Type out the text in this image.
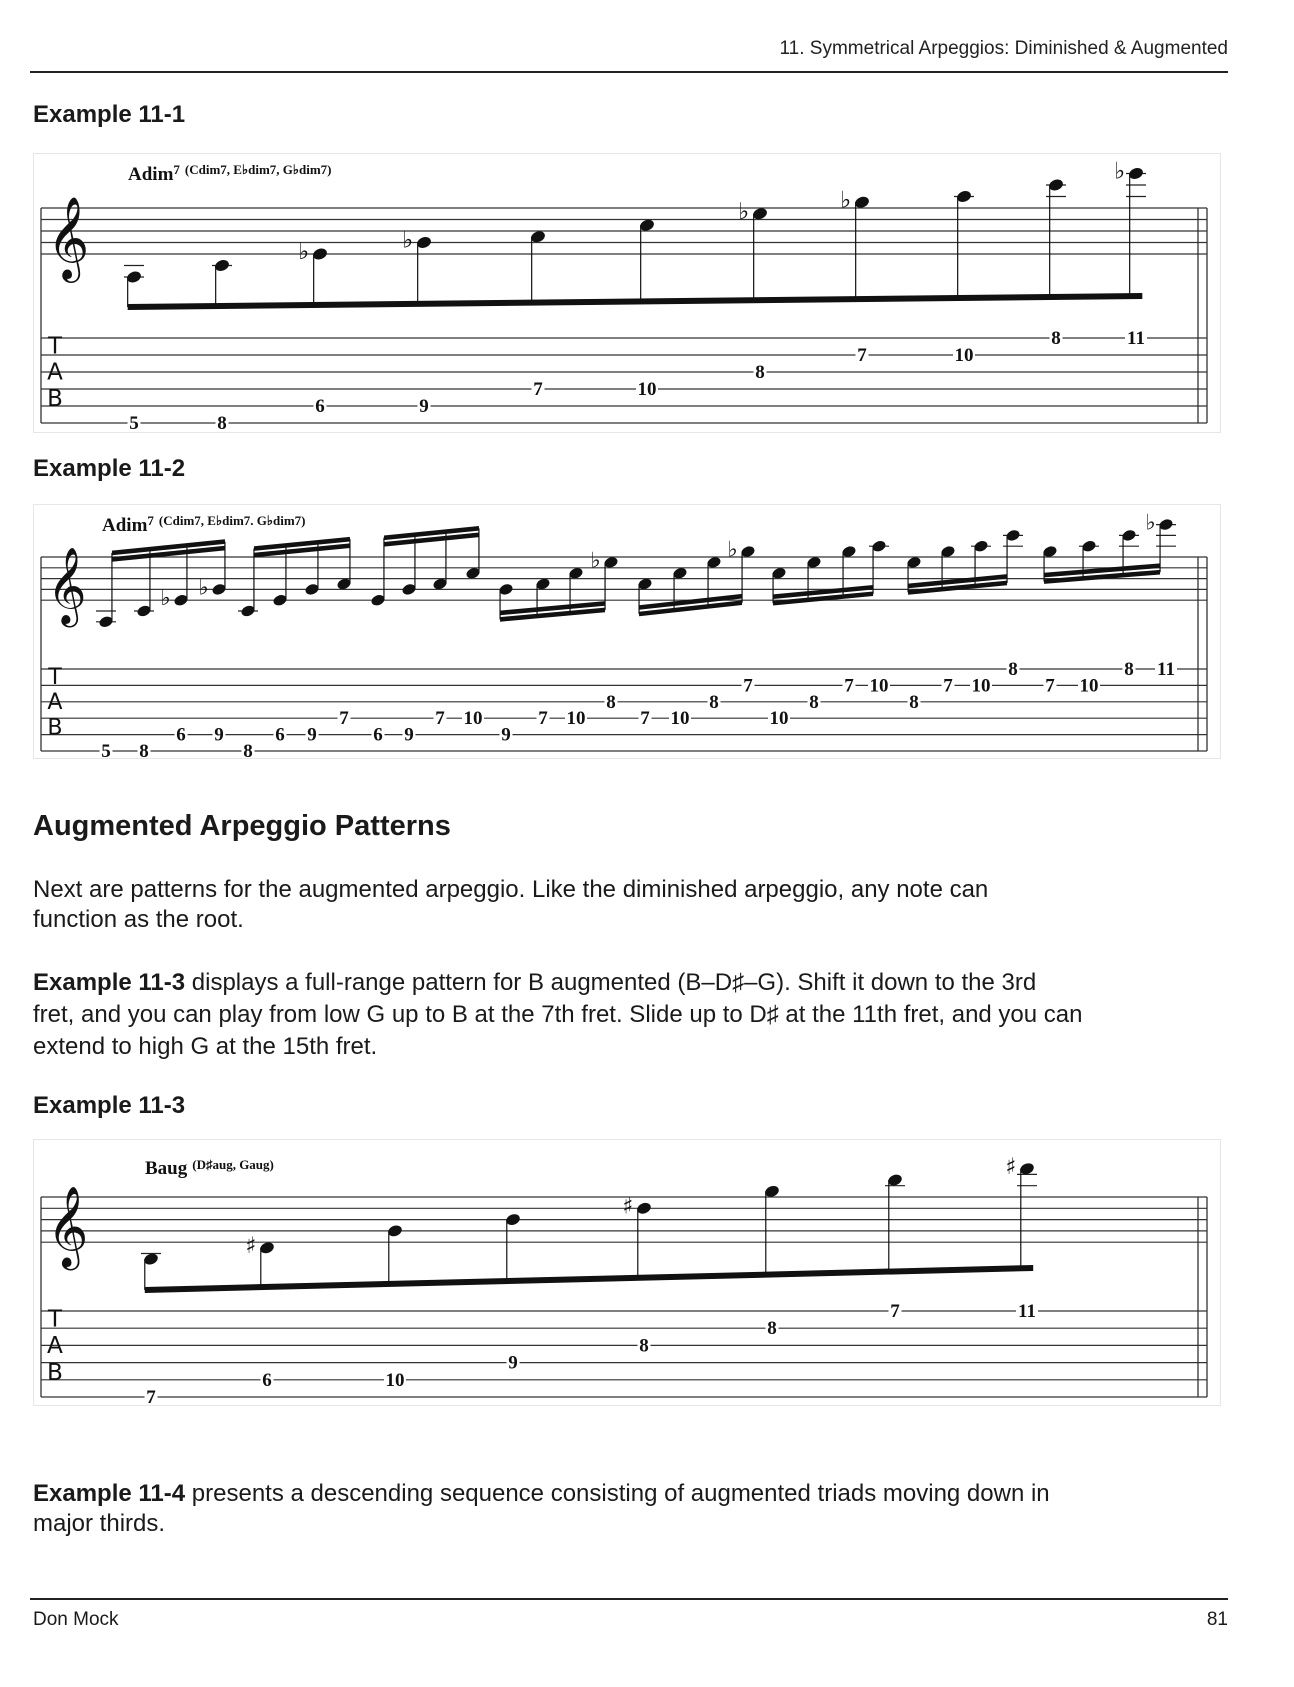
11. Symmetrical Arpeggios: Diminished & Augmented
Example 11-1
Adim$^7$ (Cdim7, E♭dim7, G♭dim7)
𝄞
T
A
B
5	8
♭
6
♭
9
7	10
♭
8
♭
7	10
8
♭
11
Example 11-2
Adim$^7$ (Cdim7, E♭dim7. G♭dim7)
𝄞
T
A
B
5 8
♭
6
♭
9
8
6 9
7
6 9
7 10
9
7 10
♭
8
7 10
8
♭
7
10
8
7 10
8
7 10
8
7 10
8
♭
11
Augmented Arpeggio Patterns
Next are patterns for the augmented arpeggio. Like the diminished arpeggio, any note can
function as the root.
Example 11-3 displays a full-range pattern for B augmented (B–D♯–G). Shift it down to the 3rd
fret, and you can play from low G up to B at the 7th fret. Slide up to D♯ at the 11th fret, and you can
extend to high G at the 15th fret.
Example 11-3
Baug $^{(D♯aug, Gaug)}$
𝄞
T
A
B
7
♯
6	10
9
♯
8
8
7
♯
11
Example 11-4 presents a descending sequence consisting of augmented triads moving down in
major thirds.
Don Mock	81
